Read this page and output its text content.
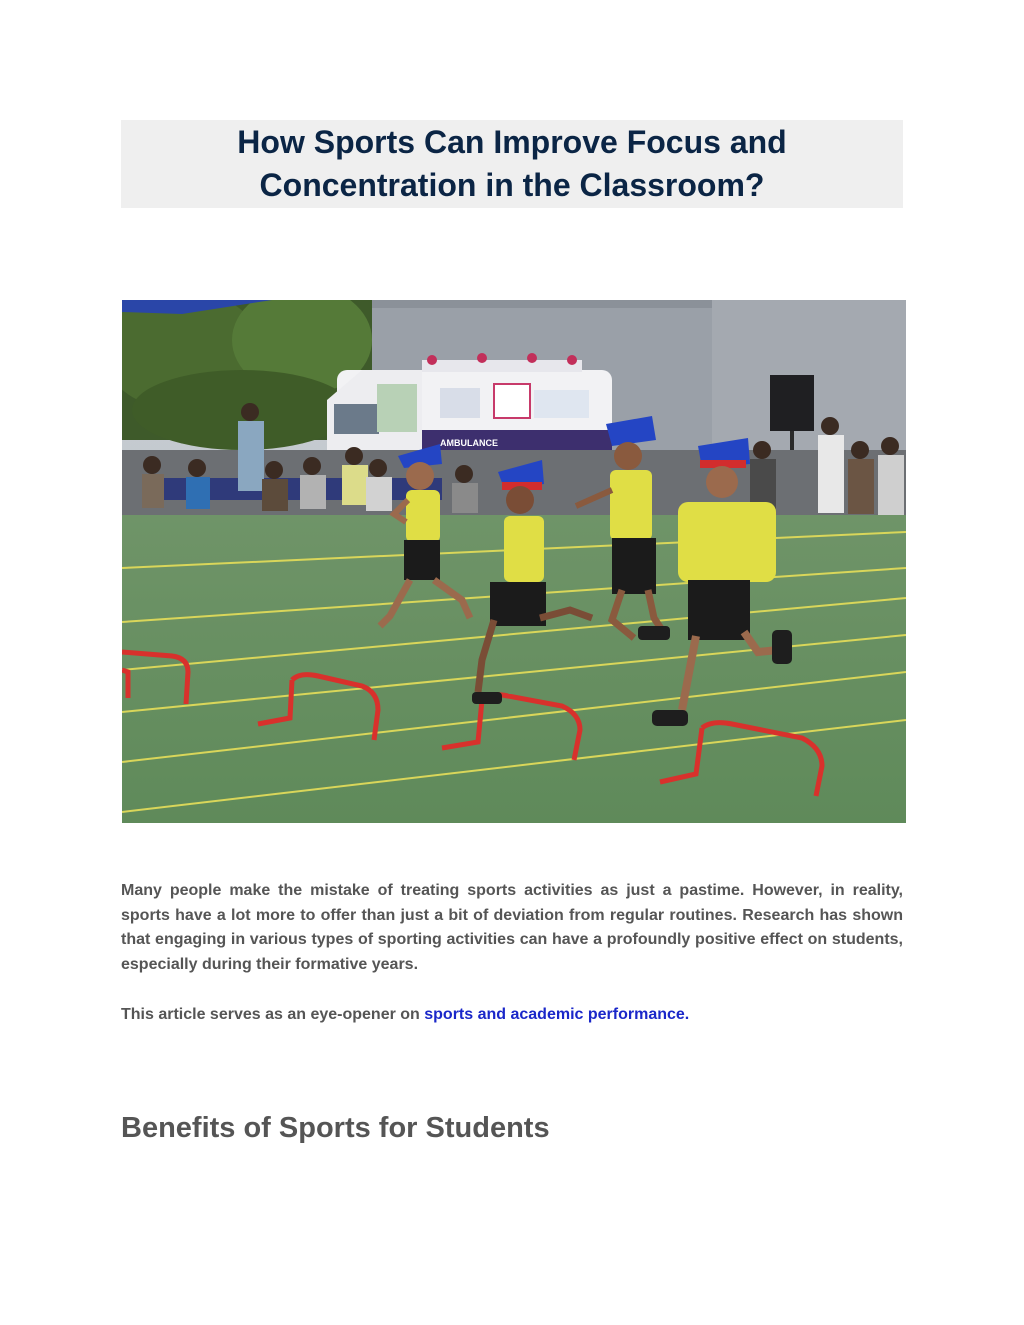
How Sports Can Improve Focus and Concentration in the Classroom?
AMBULANCE

Many people make the mistake of treating sports activities as just a pastime. However, in reality, sports have a lot more to offer than just a bit of deviation from regular routines. Research has shown that engaging in various types of sporting activities can have a profoundly positive effect on students, especially during their formative years.

This article serves as an eye-opener on sports and academic performance.

Benefits of Sports for Students
